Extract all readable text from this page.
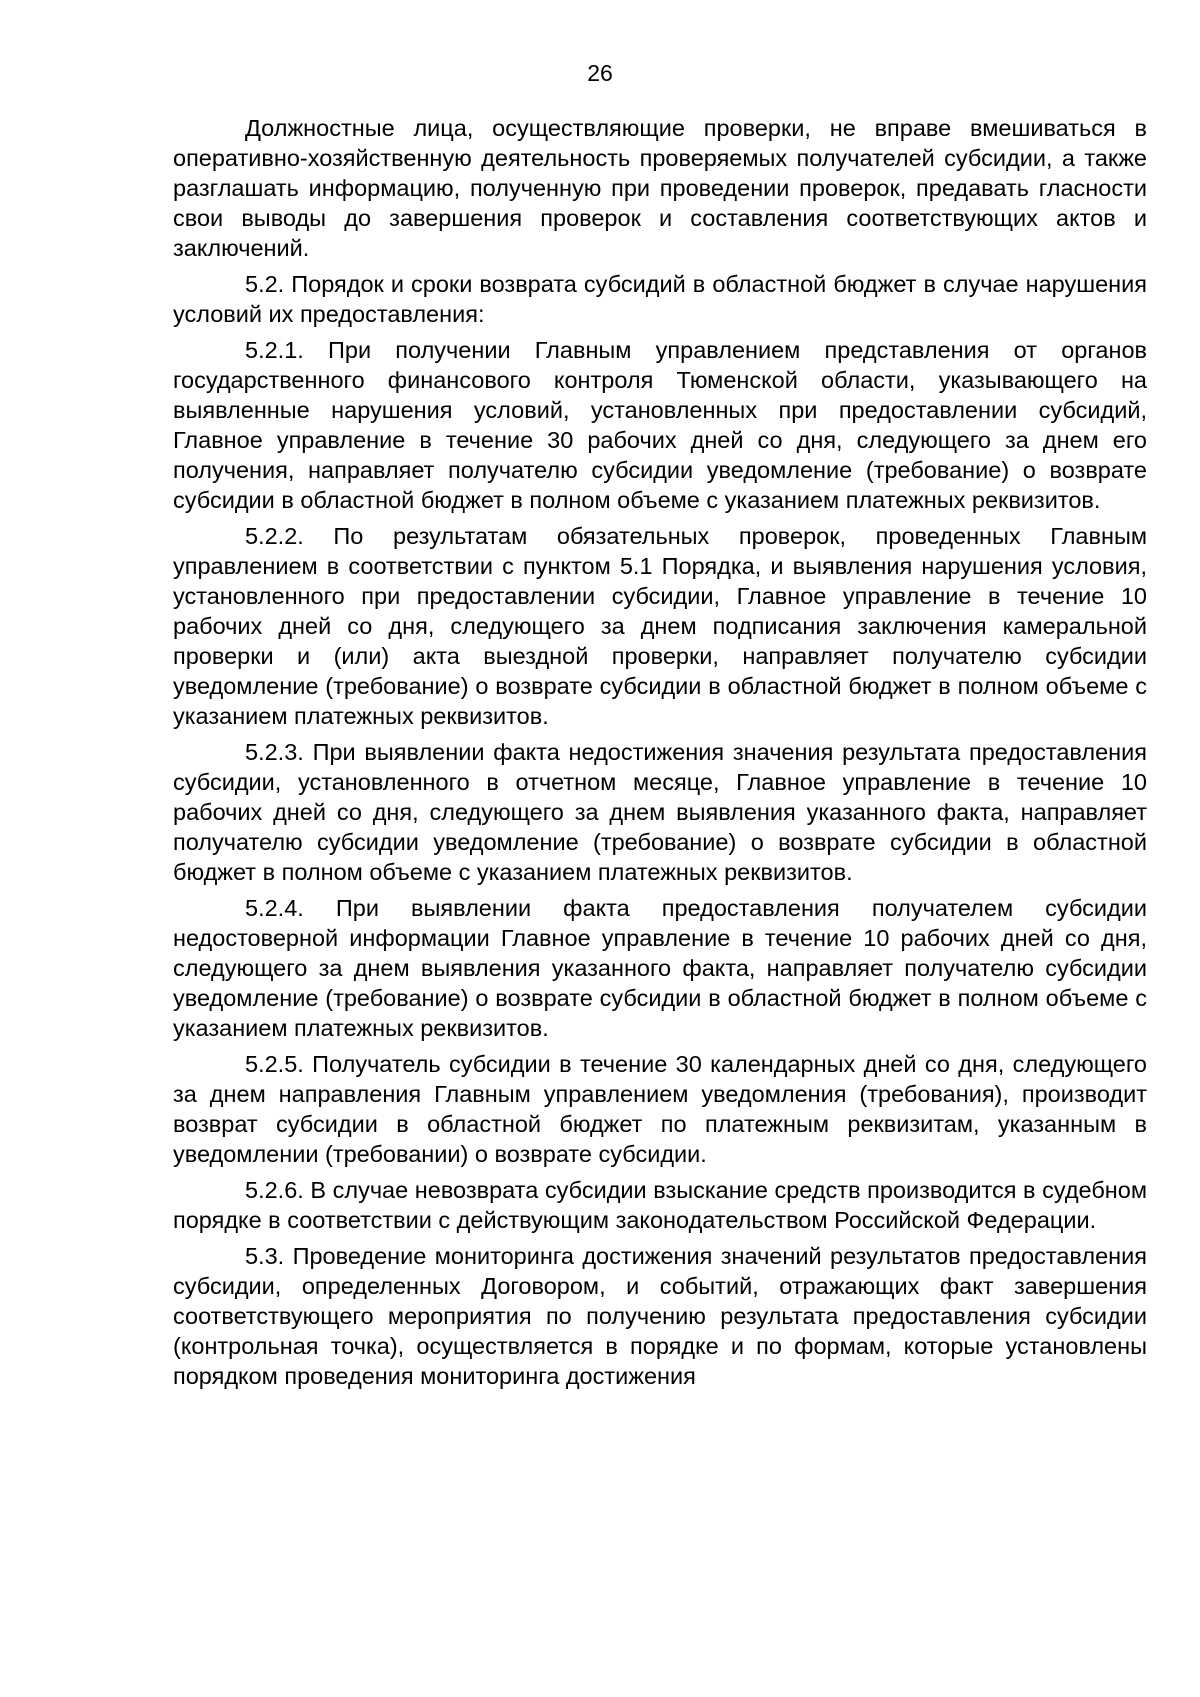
26

Должностные лица, осуществляющие проверки, не вправе вмешиваться в оперативно-хозяйственную деятельность проверяемых получателей субсидии, а также разглашать информацию, полученную при проведении проверок, предавать гласности свои выводы до завершения проверок и составления соответствующих актов и заключений.

5.2. Порядок и сроки возврата субсидий в областной бюджет в случае нарушения условий их предоставления:

5.2.1. При получении Главным управлением представления от органов государственного финансового контроля Тюменской области, указывающего на выявленные нарушения условий, установленных при предоставлении субсидий, Главное управление в течение 30 рабочих дней со дня, следующего за днем его получения, направляет получателю субсидии уведомление (требование) о возврате субсидии в областной бюджет в полном объеме с указанием платежных реквизитов.

5.2.2. По результатам обязательных проверок, проведенных Главным управлением в соответствии с пунктом 5.1 Порядка, и выявления нарушения условия, установленного при предоставлении субсидии, Главное управление в течение 10 рабочих дней со дня, следующего за днем подписания заключения камеральной проверки и (или) акта выездной проверки, направляет получателю субсидии уведомление (требование) о возврате субсидии в областной бюджет в полном объеме с указанием платежных реквизитов.

5.2.3. При выявлении факта недостижения значения результата предоставления субсидии, установленного в отчетном месяце, Главное управление в течение 10 рабочих дней со дня, следующего за днем выявления указанного факта, направляет получателю субсидии уведомление (требование) о возврате субсидии в областной бюджет в полном объеме с указанием платежных реквизитов.

5.2.4. При выявлении факта предоставления получателем субсидии недостоверной информации Главное управление в течение 10 рабочих дней со дня, следующего за днем выявления указанного факта, направляет получателю субсидии уведомление (требование) о возврате субсидии в областной бюджет в полном объеме с указанием платежных реквизитов.

5.2.5. Получатель субсидии в течение 30 календарных дней со дня, следующего за днем направления Главным управлением уведомления (требования), производит возврат субсидии в областной бюджет по платежным реквизитам, указанным в уведомлении (требовании) о возврате субсидии.

5.2.6. В случае невозврата субсидии взыскание средств производится в судебном порядке в соответствии с действующим законодательством Российской Федерации.

5.3. Проведение мониторинга достижения значений результатов предоставления субсидии, определенных Договором, и событий, отражающих факт завершения соответствующего мероприятия по получению результата предоставления субсидии (контрольная точка), осуществляется в порядке и по формам, которые установлены порядком проведения мониторинга достижения
